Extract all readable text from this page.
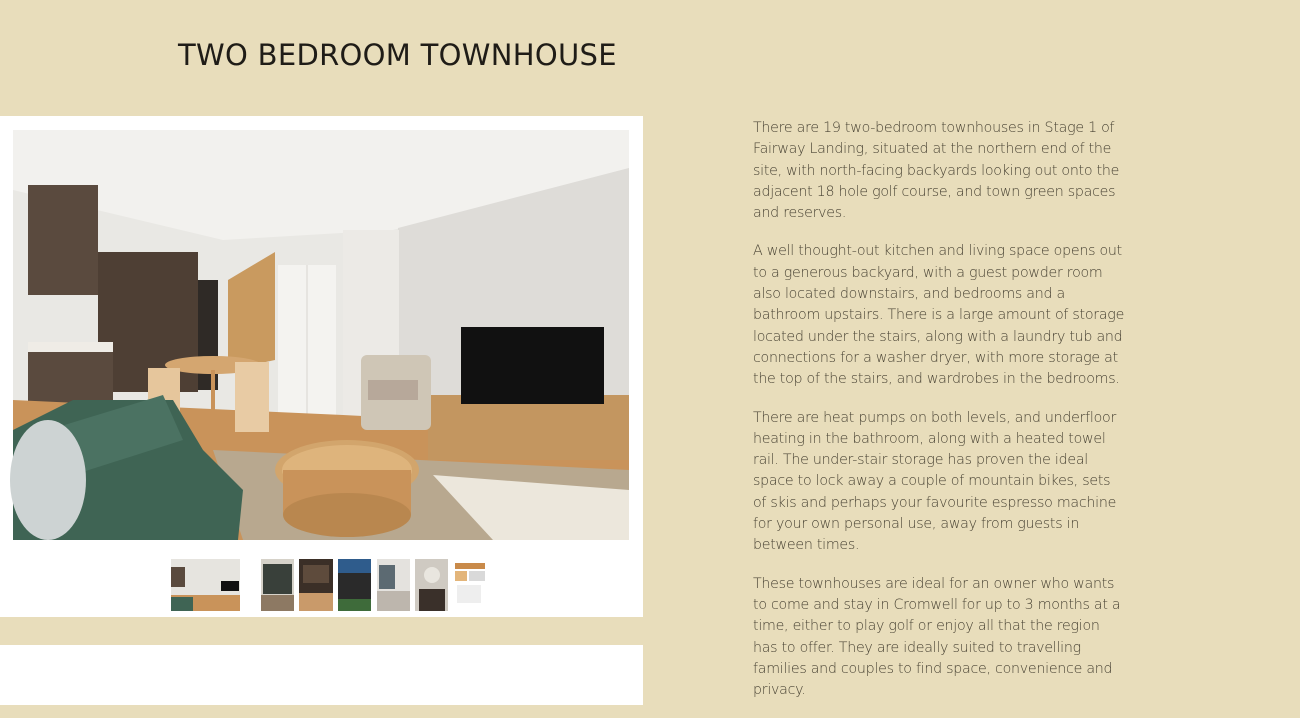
TWO BEDROOM TOWNHOUSE

There are 19 two-bedroom townhouses in Stage 1 of Fairway Landing, situated at the northern end of the site, with north-facing backyards looking out onto the adjacent 18 hole golf course, and town green spaces and reserves.

A well thought-out kitchen and living space opens out to a generous backyard, with a guest powder room also located downstairs, and bedrooms and a bathroom upstairs. There is a large amount of storage located under the stairs, along with a laundry tub and connections for a washer dryer, with more storage at the top of the stairs, and wardrobes in the bedrooms.

There are heat pumps on both levels, and underfloor heating in the bathroom, along with a heated towel rail. The under-stair storage has proven the ideal space to lock away a couple of mountain bikes, sets of skis and perhaps your favourite espresso machine for your own personal use, away from guests in between times.

These townhouses are ideal for an owner who wants to come and stay in Cromwell for up to 3 months at a time, either to play golf or enjoy all that the region has to offer. They are ideally suited to travelling families and couples to find space, convenience and privacy.
